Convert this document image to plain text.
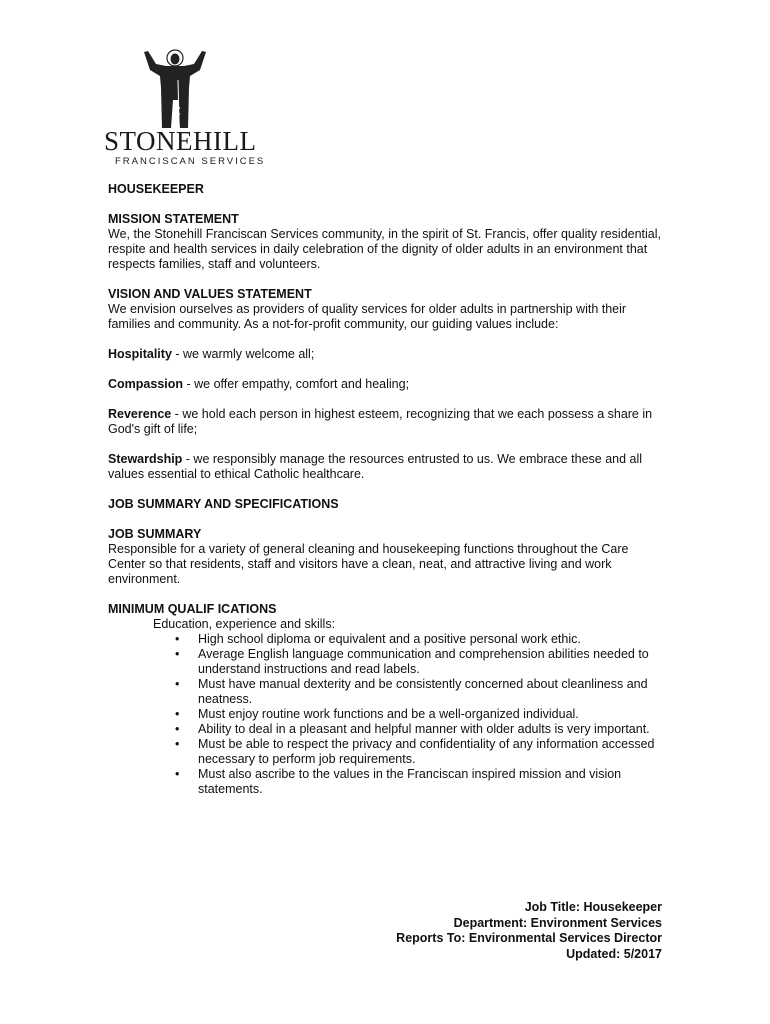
STONEHILL
FRANCISCAN SERVICES

HOUSEKEEPER

MISSION STATEMENT

We, the Stonehill Franciscan Services community, in the spirit of St. Francis, offer quality residential, respite and health services in daily celebration of the dignity of older adults in an environment that respects families, staff and volunteers.

VISION AND VALUES STATEMENT

We envision ourselves as providers of quality services for older adults in partnership with their families and community. As a not-for-profit community, our guiding values include:

Hospitality - we warmly welcome all;

Compassion - we offer empathy, comfort and healing;

Reverence - we hold each person in highest esteem, recognizing that we each possess a share in God's gift of life;

Stewardship - we responsibly manage the resources entrusted to us. We embrace these and all values essential to ethical Catholic healthcare.

JOB SUMMARY AND SPECIFICATIONS

JOB SUMMARY

Responsible for a variety of general cleaning and housekeeping functions throughout the Care Center so that residents, staff and visitors have a clean, neat, and attractive living and work environment.

MINIMUM QUALIF ICATIONS

Education, experience and skills:

• High school diploma or equivalent and a positive personal work ethic.
• Average English language communication and comprehension abilities needed to understand instructions and read labels.
• Must have manual dexterity and be consistently concerned about cleanliness and neatness.
• Must enjoy routine work functions and be a well-organized individual.
• Ability to deal in a pleasant and helpful manner with older adults is very important.
• Must be able to respect the privacy and confidentiality of any information accessed necessary to perform job requirements.
• Must also ascribe to the values in the Franciscan inspired mission and vision statements.

Job Title: Housekeeper

Department: Environment Services

Reports To: Environmental Services Director

Updated: 5/2017
